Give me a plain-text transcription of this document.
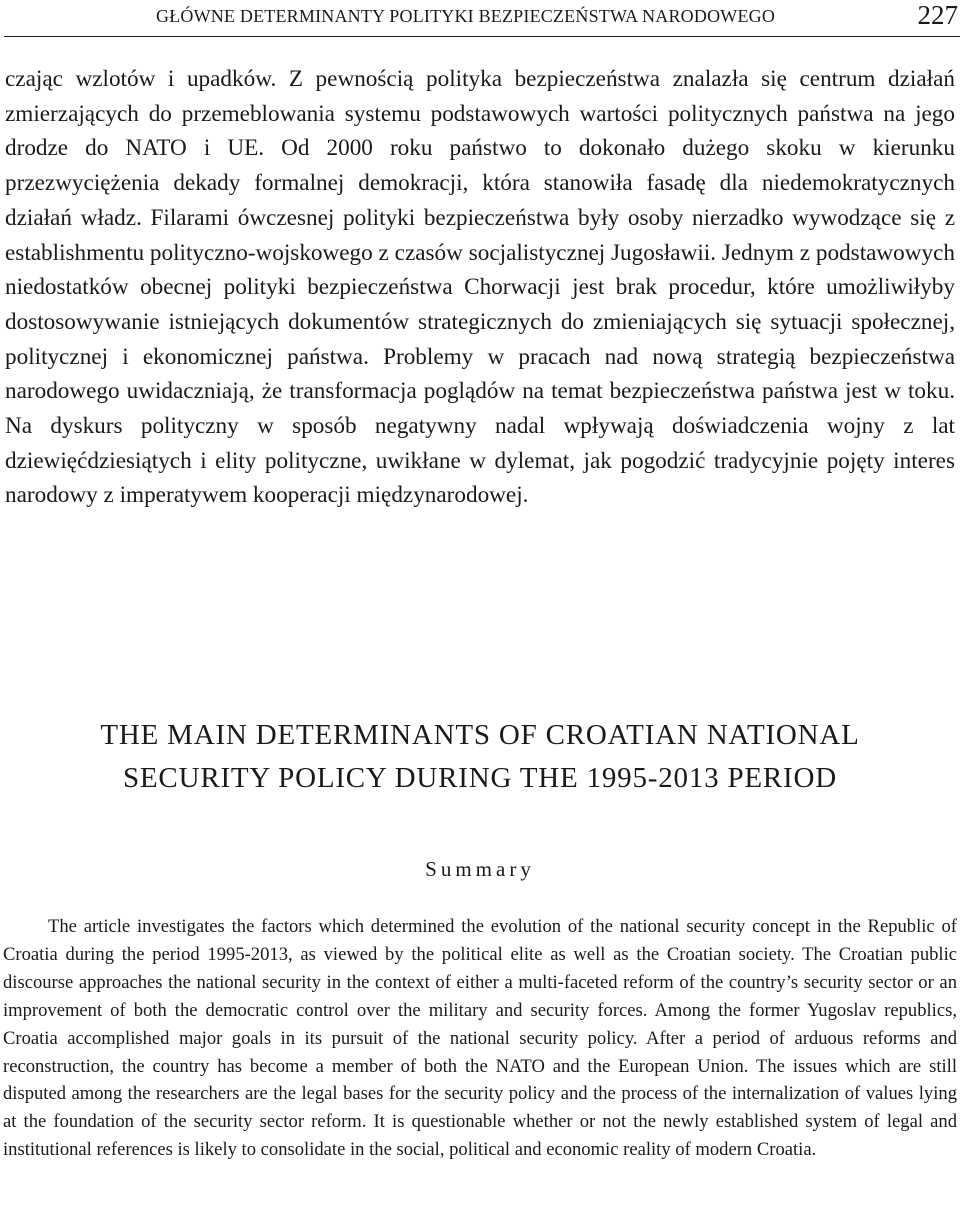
GŁÓWNE DETERMINANTY POLITYKI BEZPIECZEŃSTWA NARODOWEGO	227
czając wzlotów i upadków. Z pewnością polityka bezpieczeństwa znalazła się centrum działań zmierzających do przemeblowania systemu podstawowych wartości politycznych państwa na jego drodze do NATO i UE. Od 2000 roku państwo to dokonało dużego skoku w kierunku przezwyciężenia dekady formalnej demokracji, która stanowiła fasadę dla niedemokratycznych działań władz. Filarami ówczesnej polityki bezpieczeństwa były osoby nierzadko wywodzące się z establishmentu polityczno-wojskowego z czasów socjalistycznej Jugosławii. Jednym z podstawowych niedostatków obecnej polityki bezpieczeństwa Chorwacji jest brak procedur, które umożliwiłyby dostosowywanie istniejących dokumentów strategicznych do zmieniających się sytuacji społecznej, politycznej i ekonomicznej państwa. Problemy w pracach nad nową strategią bezpieczeństwa narodowego uwidaczniają, że transformacja poglądów na temat bezpieczeństwa państwa jest w toku. Na dyskurs polityczny w sposób negatywny nadal wpływają doświadczenia wojny z lat dziewięćdziesiątych i elity polityczne, uwikłane w dylemat, jak pogodzić tradycyjnie pojęty interes narodowy z imperatywem kooperacji międzynarodowej.
THE MAIN DETERMINANTS OF CROATIAN NATIONAL
SECURITY POLICY DURING THE 1995-2013 PERIOD
Summary
The article investigates the factors which determined the evolution of the national security concept in the Republic of Croatia during the period 1995-2013, as viewed by the political elite as well as the Croatian society. The Croatian public discourse approaches the national security in the context of either a multi-faceted reform of the country’s security sector or an improvement of both the democratic control over the military and security forces. Among the former Yugoslav republics, Croatia accomplished major goals in its pursuit of the national security policy. After a period of arduous reforms and reconstruction, the country has become a member of both the NATO and the European Union. The issues which are still disputed among the researchers are the legal bases for the security policy and the process of the internalization of values lying at the foundation of the security sector reform. It is questionable whether or not the newly established system of legal and institutional references is likely to consolidate in the social, political and economic reality of modern Croatia.
